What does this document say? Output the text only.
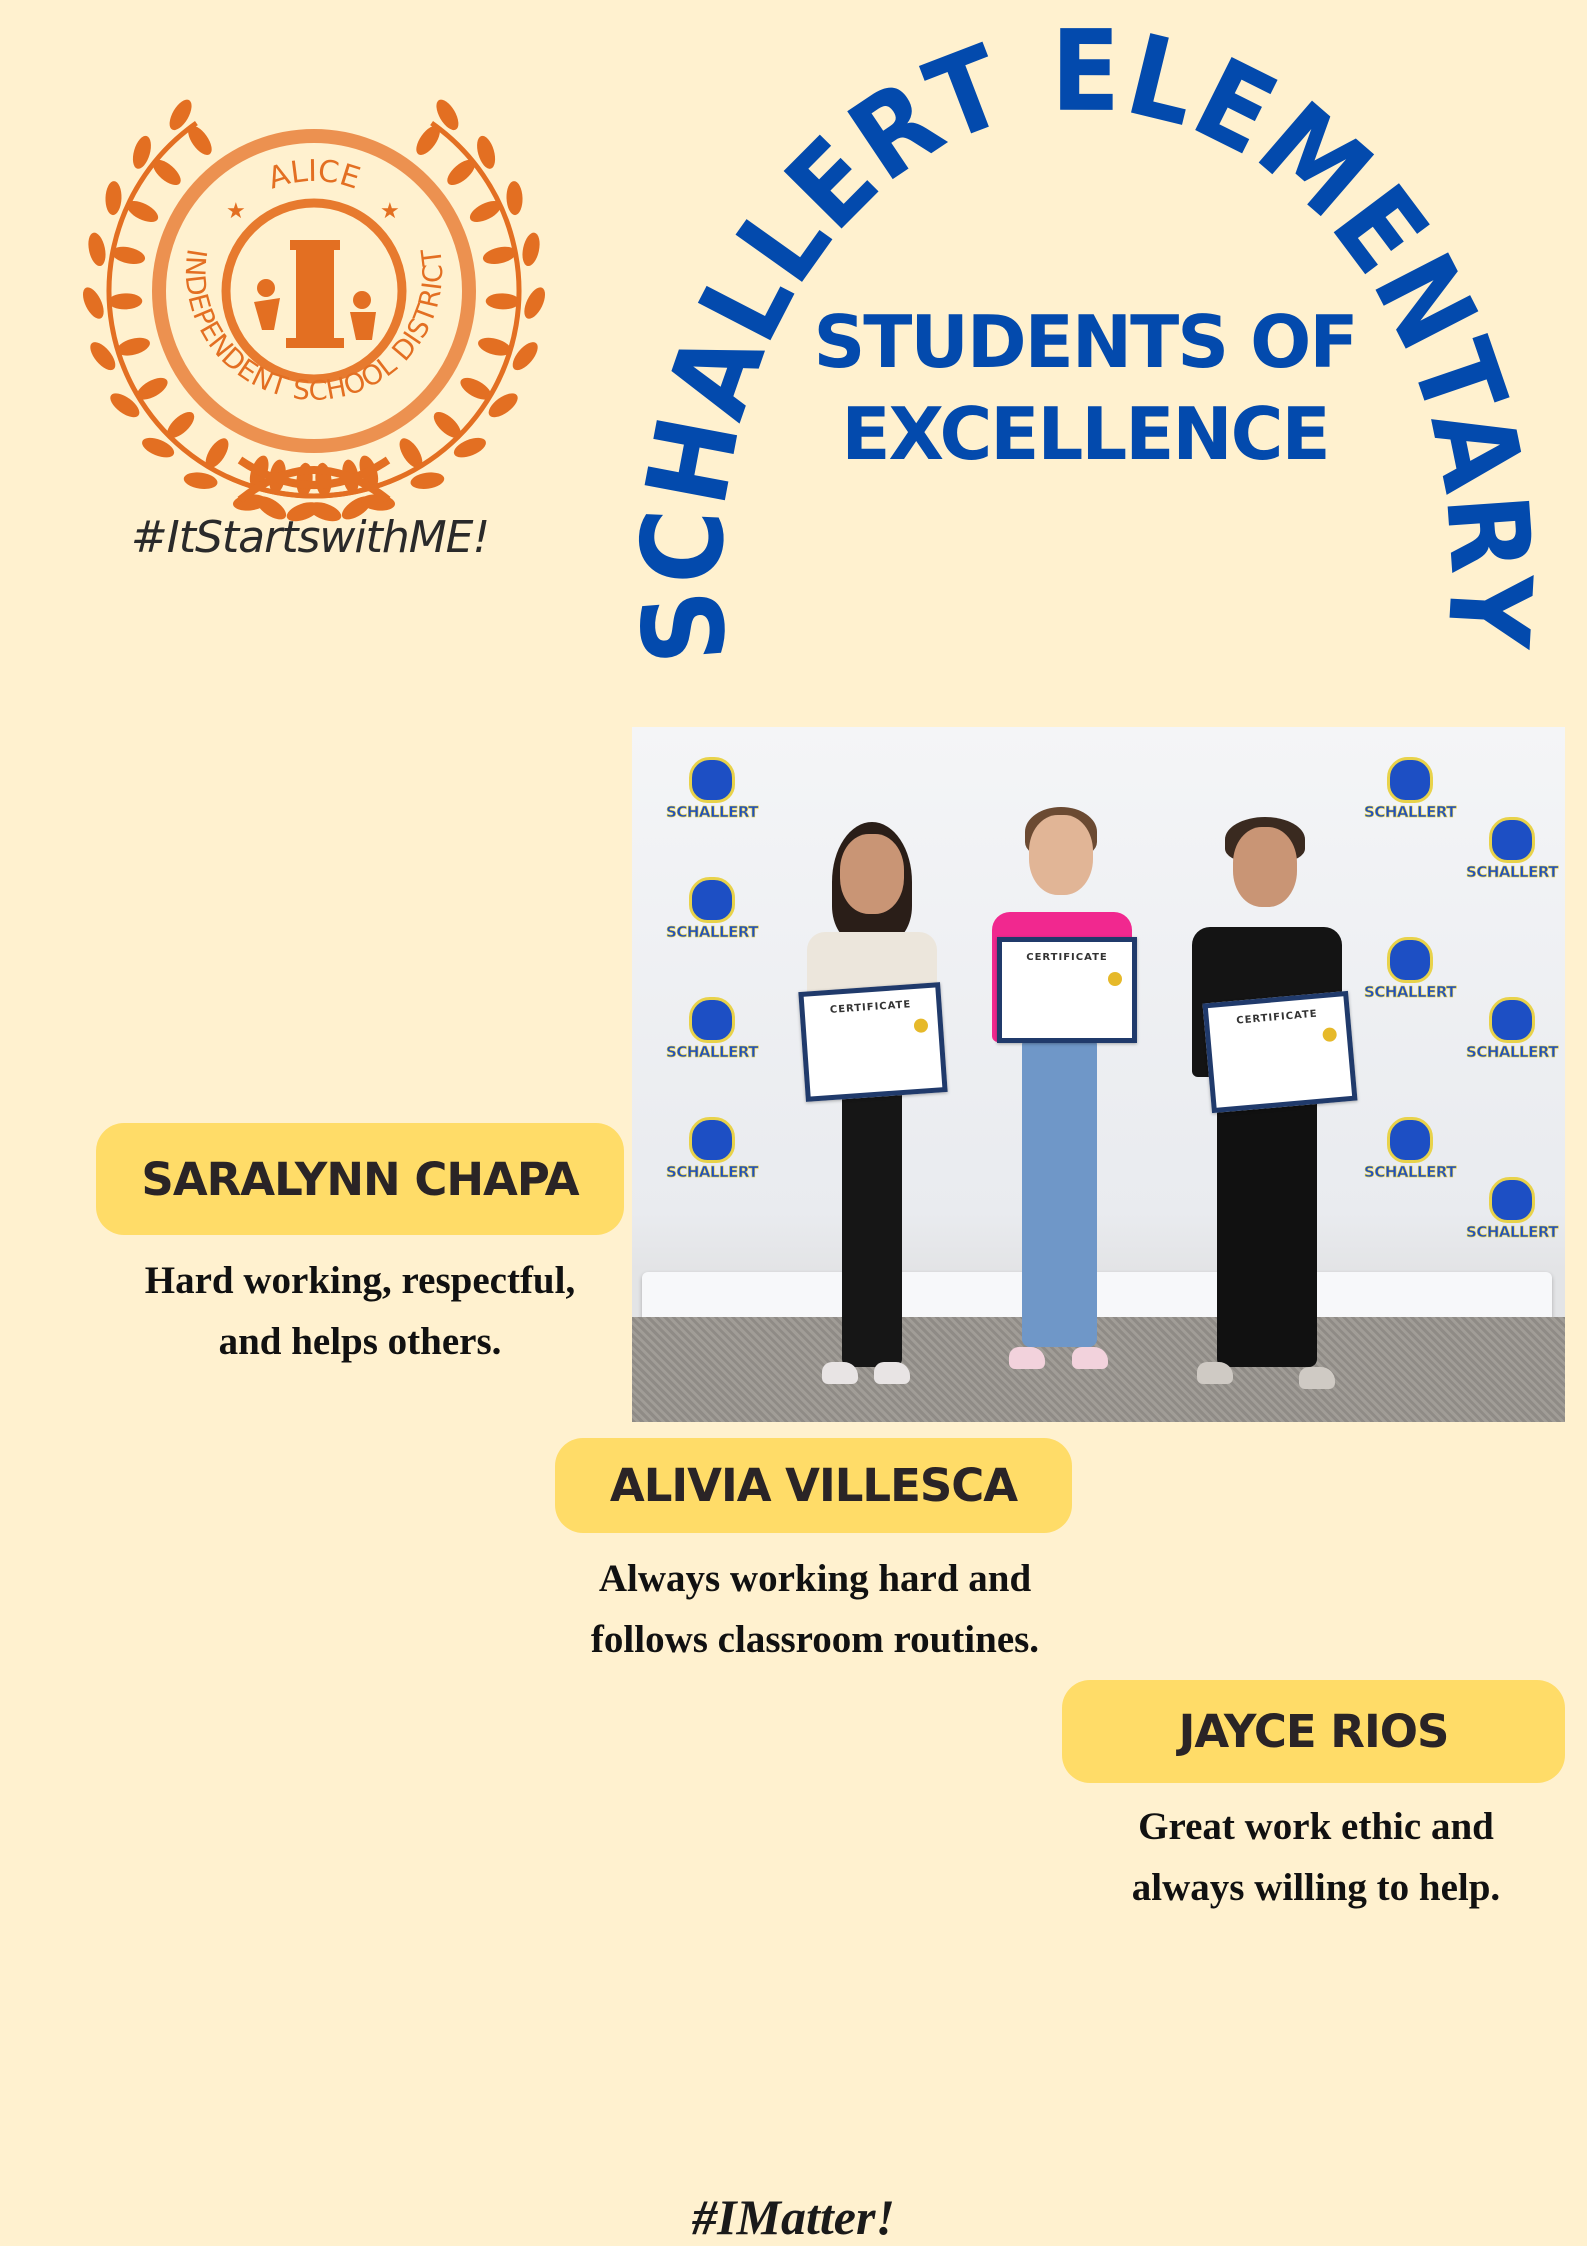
ALICE
★	★
INDEPENDENT SCHOOL DISTRICT
#ItStartswithME!
SCHALLERT ELEMENTARY
STUDENTS OF
EXCELLENCE
SCHALLERT
SCHALLERT
SCHALLERT
SCHALLERT
SCHALLERT
SCHALLERT
SCHALLERT
SCHALLERT
SCHALLERT
SCHALLERT
CERTIFICATE
CERTIFICATE
CERTIFICATE
SARALYNN CHAPA
Hard working, respectful,
and helps others.
ALIVIA VILLESCA
Always working hard and
follows classroom routines.
JAYCE RIOS
Great work ethic and
always willing to help.
#IMatter!
